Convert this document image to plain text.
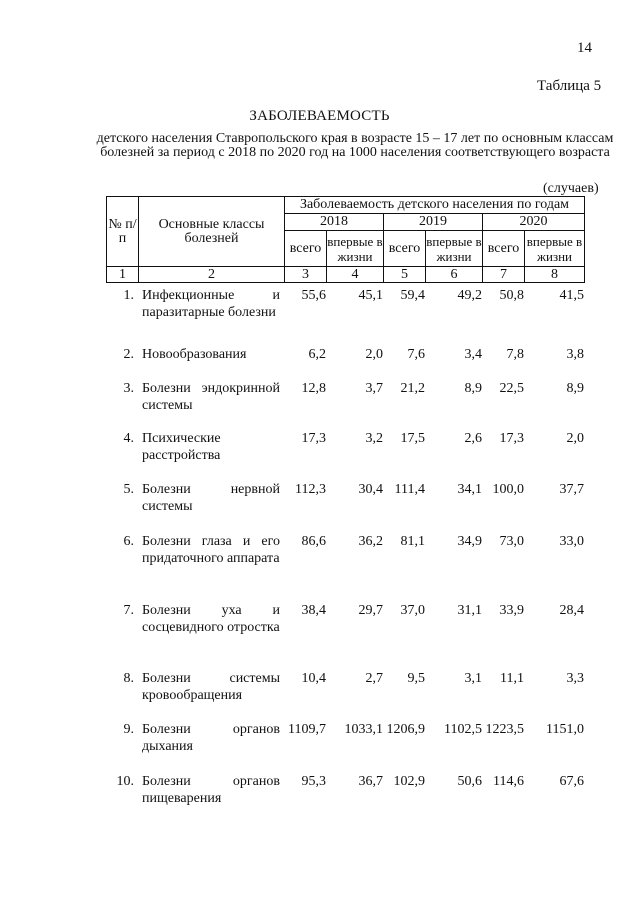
14
Таблица 5
ЗАБОЛЕВАЕМОСТЬ
детского населения Ставропольского края в возрасте 15 – 17 лет по основным классам болезней за период с 2018 по 2020 год на 1000 населения соответствующего возраста
(случаев)
№ п/п	Основные классы болезней	Заболеваемость детского населения по годам					
		2018		2019		2020	
		всего	впервые в жизни	всего	впервые в жизни	всего	впервые в жизни
1	2	3	4	5	6	7	8
1.	Инфекционные и паразитарные болезни	55,6	45,1	59,4	49,2	50,8	41,5
2.	Новообразования	6,2	2,0	7,6	3,4	7,8	3,8
3.	Болезни эндокринной системы	12,8	3,7	21,2	8,9	22,5	8,9
4.	Психические расстройства	17,3	3,2	17,5	2,6	17,3	2,0
5.	Болезни нервной системы	112,3	30,4	111,4	34,1	100,0	37,7
6.	Болезни глаза и его придаточного аппарата	86,6	36,2	81,1	34,9	73,0	33,0
7.	Болезни уха и сосцевидного отростка	38,4	29,7	37,0	31,1	33,9	28,4
8.	Болезни системы кровообращения	10,4	2,7	9,5	3,1	11,1	3,3
9.	Болезни органов дыхания	1109,7	1033,1	1206,9	1102,5	1223,5	1151,0
10.	Болезни органов пищеварения	95,3	36,7	102,9	50,6	114,6	67,6
